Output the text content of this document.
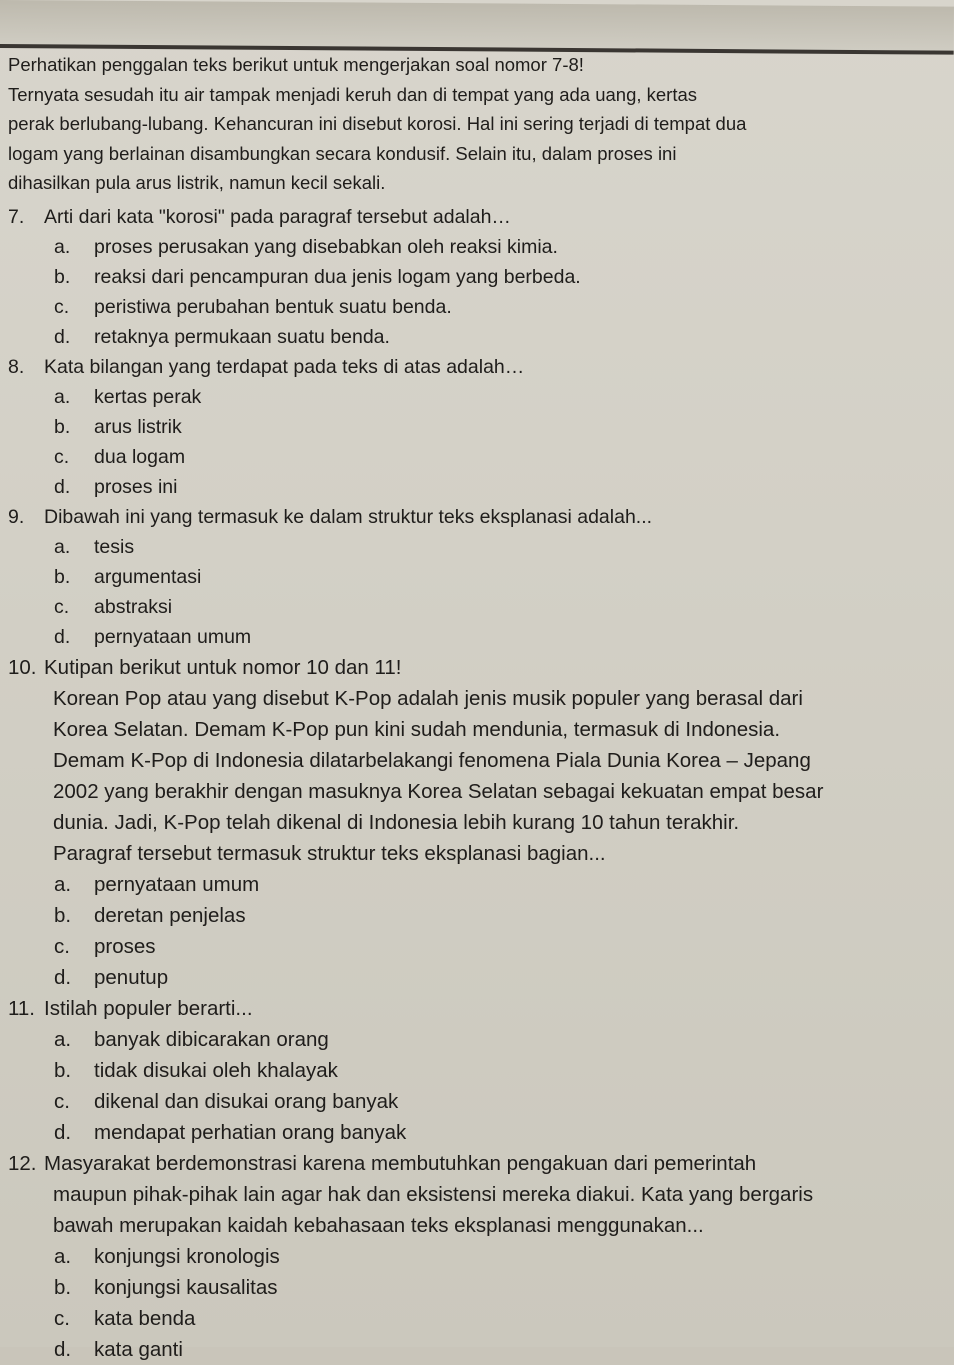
Perhatikan penggalan teks berikut untuk mengerjakan soal nomor 7-8!
Ternyata sesudah itu air tampak menjadi keruh dan di tempat yang ada uang, kertas
perak berlubang-lubang. Kehancuran ini disebut korosi. Hal ini sering terjadi di tempat dua
logam yang berlainan disambungkan secara kondusif. Selain itu, dalam proses ini
dihasilkan pula arus listrik, namun kecil sekali.
7.	Arti dari kata "korosi" pada paragraf tersebut adalah…
a.	proses perusakan yang disebabkan oleh reaksi kimia.
b.	reaksi dari pencampuran dua jenis logam yang berbeda.
c.	peristiwa perubahan bentuk suatu benda.
d.	retaknya permukaan suatu benda.
8.	Kata bilangan yang terdapat pada teks di atas adalah…
a.	kertas perak
b.	arus listrik
c.	dua logam
d.	proses ini
9.	Dibawah ini yang termasuk ke dalam struktur teks eksplanasi adalah...
a.	tesis
b.	argumentasi
c.	abstraksi
d.	pernyataan umum
10. Kutipan berikut untuk nomor 10 dan 11!
Korean Pop atau yang disebut K-Pop adalah jenis musik populer yang berasal dari
Korea Selatan. Demam K-Pop pun kini sudah mendunia, termasuk di Indonesia.
Demam K-Pop di Indonesia dilatarbelakangi fenomena Piala Dunia Korea – Jepang
2002 yang berakhir dengan masuknya Korea Selatan sebagai kekuatan empat besar
dunia. Jadi, K-Pop telah dikenal di Indonesia lebih kurang 10 tahun terakhir.
Paragraf tersebut termasuk struktur teks eksplanasi bagian...
a.	pernyataan umum
b.	deretan penjelas
c.	proses
d.	penutup
11. Istilah populer berarti...
a.	banyak dibicarakan orang
b.	tidak disukai oleh khalayak
c.	dikenal dan disukai orang banyak
d.	mendapat perhatian orang banyak
12. Masyarakat berdemonstrasi karena membutuhkan pengakuan dari pemerintah
maupun pihak-pihak lain agar hak dan eksistensi mereka diakui. Kata yang bergaris
bawah merupakan kaidah kebahasaan teks eksplanasi menggunakan...
a.	konjungsi kronologis
b.	konjungsi kausalitas
c.	kata benda
d.	kata ganti
